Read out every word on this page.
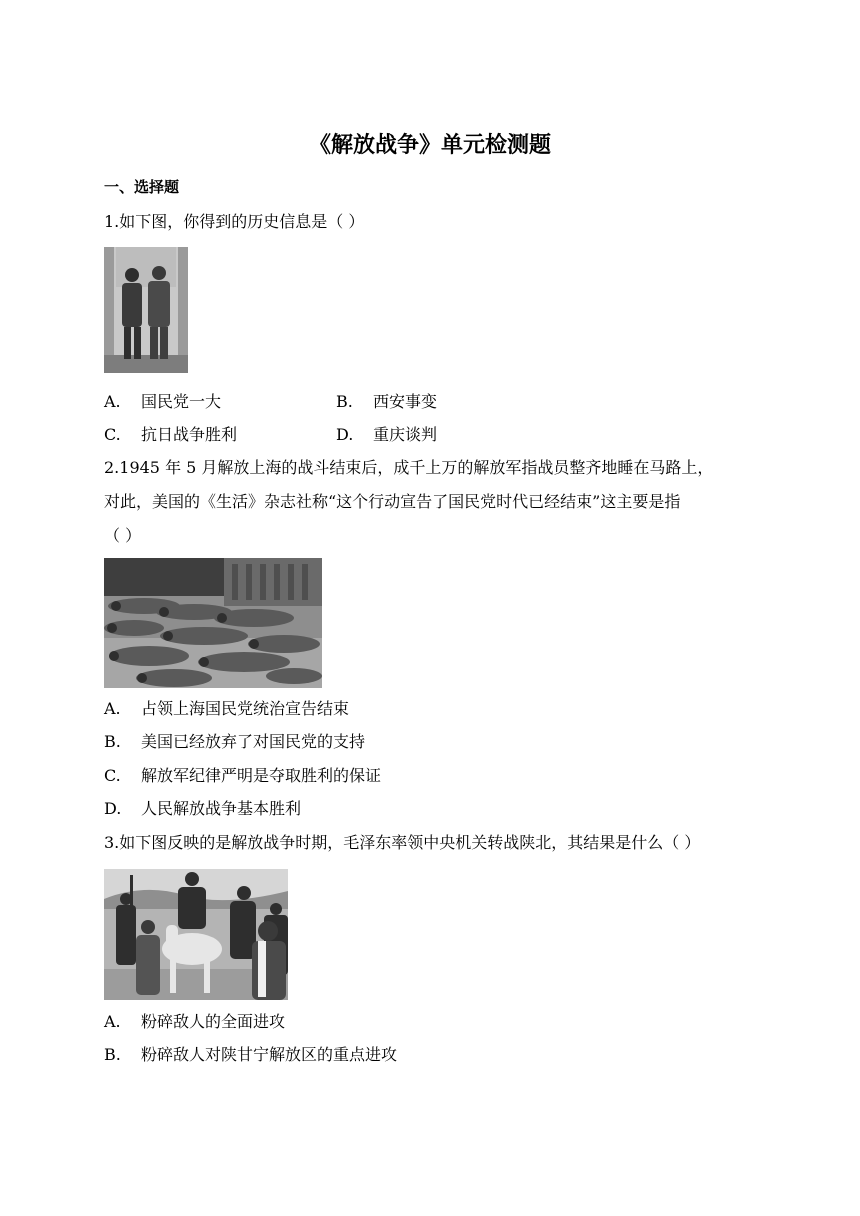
《解放战争》单元检测题
一、选择题
1.如下图，你得到的历史信息是（ ）
A. 国民党一大	B. 西安事变
C. 抗日战争胜利	D. 重庆谈判
2.1945 年 5 月解放上海的战斗结束后，成千上万的解放军指战员整齐地睡在马路上，
对此，美国的《生活》杂志社称“这个行动宣告了国民党时代已经结束”这主要是指
（ ）
A. 占领上海国民党统治宣告结束
B. 美国已经放弃了对国民党的支持
C. 解放军纪律严明是夺取胜利的保证
D. 人民解放战争基本胜利
3.如下图反映的是解放战争时期，毛泽东率领中央机关转战陕北，其结果是什么（ ）
A. 粉碎敌人的全面进攻
B. 粉碎敌人对陕甘宁解放区的重点进攻
